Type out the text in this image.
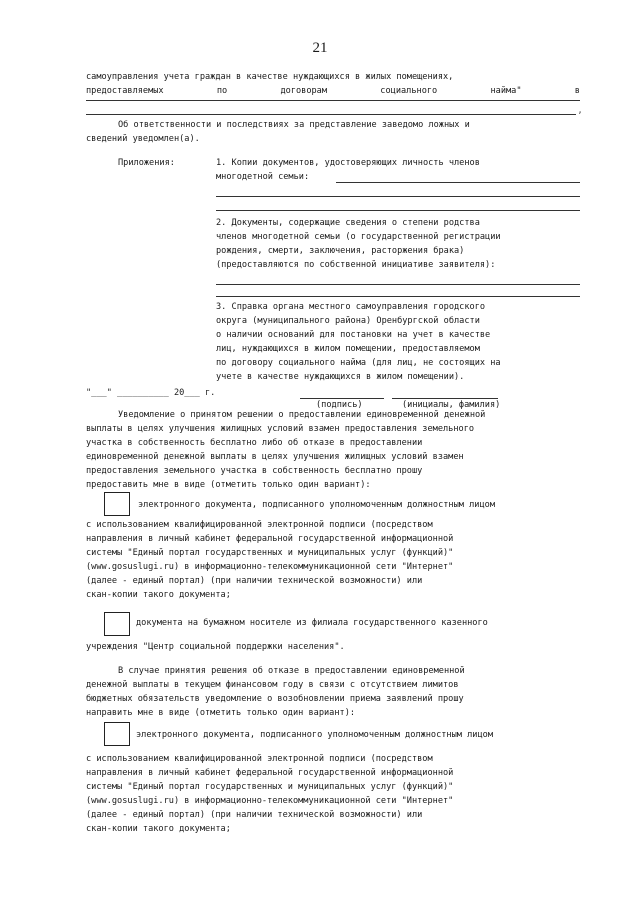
21
самоуправления учета граждан в качестве нуждающихся в жилых помещениях,
предоставляемых	по	договорам	социального	найма"	в
,
Об ответственности и последствиях за представление заведомо ложных и
сведений уведомлен(а).
Приложения:	1. Копии документов, удостоверяющих личность членов
многодетной семьи:
2. Документы, содержащие сведения о степени родства
членов многодетной семьи (о государственной регистрации
рождения, смерти, заключения, расторжения брака)
(предоставляются по собственной инициативе заявителя):
3. Справка органа местного самоуправления городского
округа (муниципального района) Оренбургской области
о наличии оснований для постановки на учет в качестве
лиц, нуждающихся в жилом помещении, предоставляемом
по договору социального найма (для лиц, не состоящих на
учете в качестве нуждающихся в жилом помещении).
"___" __________ 20___ г.
(подпись)	(инициалы, фамилия)
Уведомление о принятом решении о предоставлении единовременной денежной
выплаты в целях улучшения жилищных условий взамен предоставления земельного
участка в собственность бесплатно либо об отказе в предоставлении
единовременной денежной выплаты в целях улучшения жилищных условий взамен
предоставления земельного участка в собственность бесплатно прошу
предоставить мне в виде (отметить только один вариант):
электронного документа, подписанного уполномоченным должностным лицом
с использованием квалифицированной электронной подписи (посредством
направления в личный кабинет федеральной государственной информационной
системы "Единый портал государственных и муниципальных услуг (функций)"
(www.gosuslugi.ru) в информационно-телекоммуникационной сети "Интернет"
(далее - единый портал) (при наличии технической возможности) или
скан-копии такого документа;
документа на бумажном носителе из филиала государственного казенного
учреждения "Центр социальной поддержки населения".
В случае принятия решения об отказе в предоставлении единовременной
денежной выплаты в текущем финансовом году в связи с отсутствием лимитов
бюджетных обязательств уведомление о возобновлении приема заявлений прошу
направить мне в виде (отметить только один вариант):
электронного документа, подписанного уполномоченным должностным лицом
с использованием квалифицированной электронной подписи (посредством
направления в личный кабинет федеральной государственной информационной
системы "Единый портал государственных и муниципальных услуг (функций)"
(www.gosuslugi.ru) в информационно-телекоммуникационной сети "Интернет"
(далее - единый портал) (при наличии технической возможности) или
скан-копии такого документа;
